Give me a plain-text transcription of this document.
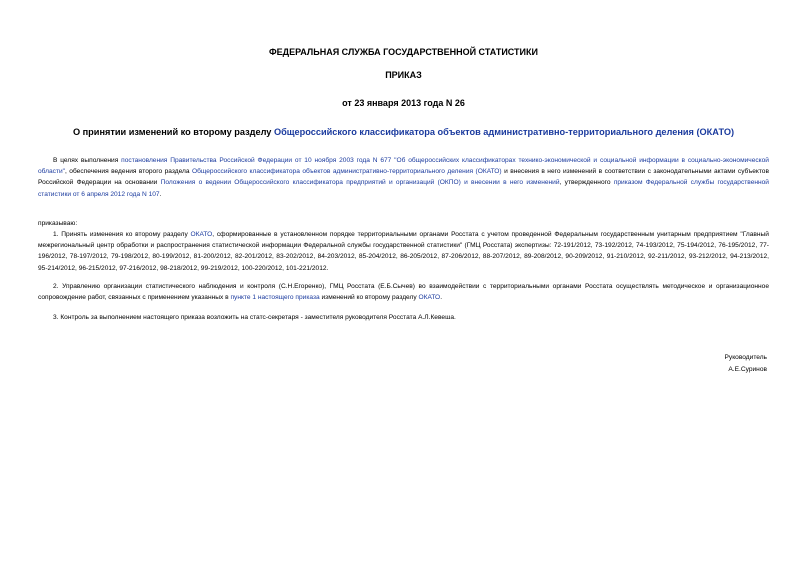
ФЕДЕРАЛЬНАЯ СЛУЖБА ГОСУДАРСТВЕННОЙ СТАТИСТИКИ
ПРИКАЗ
от 23 января 2013 года N 26
О принятии изменений ко второму разделу Общероссийского классификатора объектов административно-территориального деления (ОКАТО)
В целях выполнения постановления Правительства Российской Федерации от 10 ноября 2003 года N 677 "Об общероссийских классификаторах технико-экономической и социальной информации в социально-экономической области", обеспечения ведения второго раздела Общероссийского классификатора объектов административно-территориального деления (ОКАТО) и внесения в него изменений в соответствии с законодательными актами субъектов Российской Федерации на основании Положения о ведении Общероссийского классификатора предприятий и организаций (ОКПО) и внесении в него изменений, утвержденного приказом Федеральной службы государственной статистики от 6 апреля 2012 года N 107.
приказываю:
1. Принять изменения ко второму разделу ОКАТО, сформированные в установленном порядке территориальными органами Росстата с учетом проведенной Федеральным государственным унитарным предприятием "Главный межрегиональный центр обработки и распространения статистической информации Федеральной службы государственной статистики" (ГМЦ Росстата) экспертизы: 72-191/2012, 73-192/2012, 74-193/2012, 75-194/2012, 76-195/2012, 77-196/2012, 78-197/2012, 79-198/2012, 80-199/2012, 81-200/2012, 82-201/2012, 83-202/2012, 84-203/2012, 85-204/2012, 86-205/2012, 87-206/2012, 88-207/2012, 89-208/2012, 90-209/2012, 91-210/2012, 92-211/2012, 93-212/2012, 94-213/2012, 95-214/2012, 96-215/2012, 97-216/2012, 98-218/2012, 99-219/2012, 100-220/2012, 101-221/2012.
2. Управлению организации статистического наблюдения и контроля (С.Н.Егоренко), ГМЦ Росстата (Е.Б.Сычев) во взаимодействии с территориальными органами Росстата осуществлять методическое и организационное сопровождение работ, связанных с применением указанных в пункте 1 настоящего приказа изменений ко второму разделу ОКАТО.
3. Контроль за выполнением настоящего приказа возложить на статс-секретаря - заместителя руководителя Росстата А.Л.Кевеша.
Руководитель
А.Е.Суринов
